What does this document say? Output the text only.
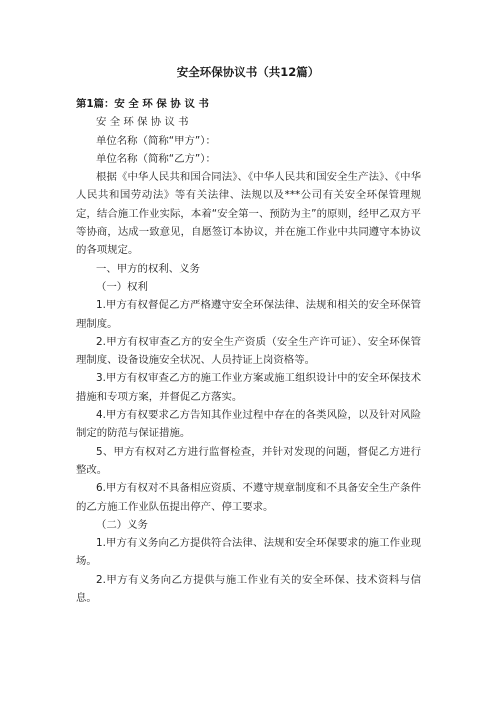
安全环保协议书（共12篇）

第1篇：安 全 环 保 协 议 书

安 全 环 保 协 议 书

单位名称（简称“甲方”）：

单位名称（简称“乙方”）：

根据《中华人民共和国合同法》、《中华人民共和国安全生产法》、《中华人民共和国劳动法》等有关法律、法规以及***公司有关安全环保管理规定，结合施工作业实际，本着“安全第一、预防为主”的原则，经甲乙双方平等协商，达成一致意见，自愿签订本协议，并在施工作业中共同遵守本协议的各项规定。

一、甲方的权利、义务

（一）权利

1.甲方有权督促乙方严格遵守安全环保法律、法规和相关的安全环保管理制度。

2.甲方有权审查乙方的安全生产资质（安全生产许可证）、安全环保管理制度、设备设施安全状况、人员持证上岗资格等。

3.甲方有权审查乙方的施工作业方案或施工组织设计中的安全环保技术措施和专项方案，并督促乙方落实。

4.甲方有权要求乙方告知其作业过程中存在的各类风险，以及针对风险制定的防范与保证措施。

5、甲方有权对乙方进行监督检查，并针对发现的问题，督促乙方进行整改。

6.甲方有权对不具备相应资质、不遵守规章制度和不具备安全生产条件的乙方施工作业队伍提出停产、停工要求。

（二）义务

1.甲方有义务向乙方提供符合法律、法规和安全环保要求的施工作业现场。

2.甲方有义务向乙方提供与施工作业有关的安全环保、技术资料与信息。
